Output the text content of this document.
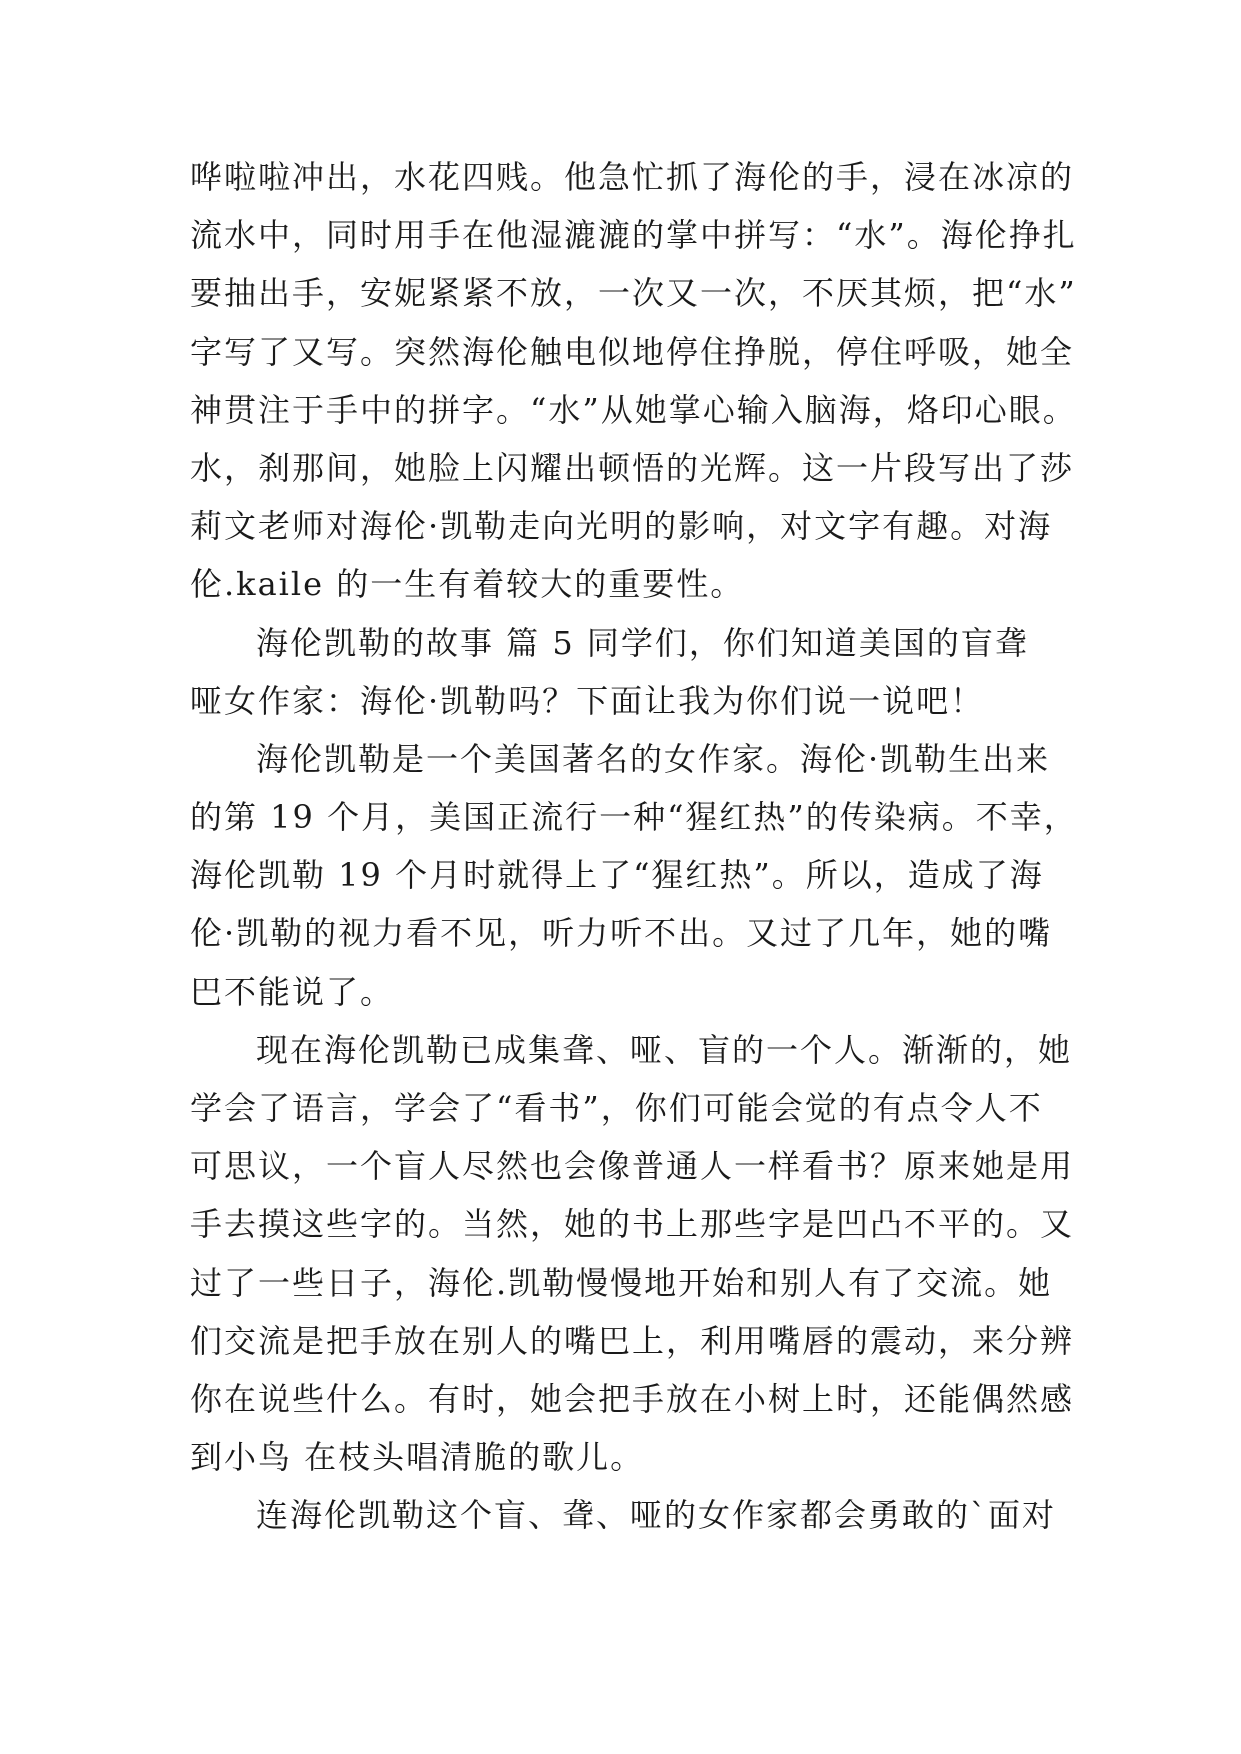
哗啦啦冲出，水花四贱。他急忙抓了海伦的手，浸在冰凉的
流水中，同时用手在他湿漉漉的掌中拼写：“水”。海伦挣扎
要抽出手，安妮紧紧不放，一次又一次，不厌其烦，把“水”
字写了又写。突然海伦触电似地停住挣脱，停住呼吸，她全
神贯注于手中的拼字。“水”从她掌心输入脑海，烙印心眼。
水，刹那间，她脸上闪耀出顿悟的光辉。这一片段写出了莎
莉文老师对海伦·凯勒走向光明的影响，对文字有趣。对海
伦.kaile 的一生有着较大的重要性。
海伦凯勒的故事 篇 5 同学们，你们知道美国的盲聋
哑女作家：海伦·凯勒吗？下面让我为你们说一说吧！
海伦凯勒是一个美国著名的女作家。海伦·凯勒生出来
的第 19 个月，美国正流行一种“猩红热”的传染病。不幸，
海伦凯勒 19 个月时就得上了“猩红热”。所以，造成了海
伦·凯勒的视力看不见，听力听不出。又过了几年，她的嘴
巴不能说了。
现在海伦凯勒已成集聋、哑、盲的一个人。渐渐的，她
学会了语言，学会了“看书”，你们可能会觉的有点令人不
可思议，一个盲人尽然也会像普通人一样看书？原来她是用
手去摸这些字的。当然，她的书上那些字是凹凸不平的。又
过了一些日子，海伦.凯勒慢慢地开始和别人有了交流。她
们交流是把手放在别人的嘴巴上，利用嘴唇的震动，来分辨
你在说些什么。有时，她会把手放在小树上时，还能偶然感
到小鸟 在枝头唱清脆的歌儿。
连海伦凯勒这个盲、聋、哑的女作家都会勇敢的`面对
